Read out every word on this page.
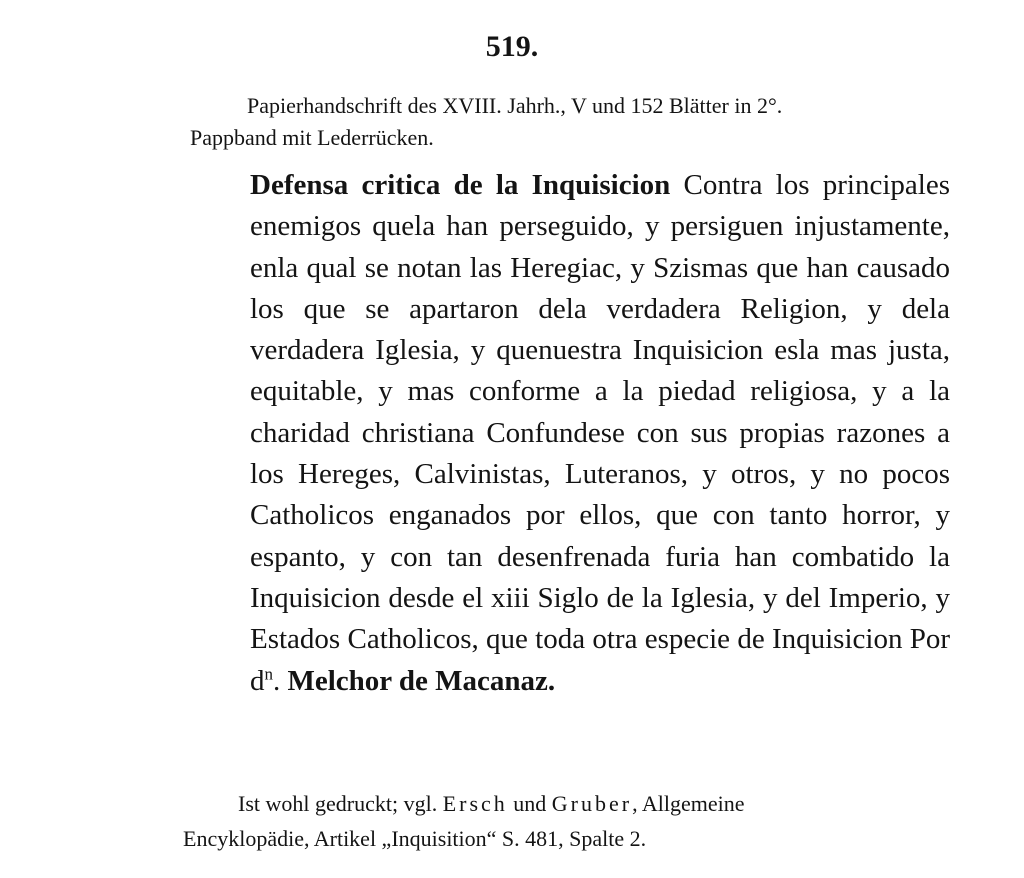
519.
Papierhandschrift des XVIII. Jahrh., V und 152 Blätter in 2°.
Pappband mit Lederrücken.
Defensa critica de la Inquisicion Contra los principales enemigos quela han perseguido, y persiguen injustamente, enla qual se notan las Heregiac, y Szismas que han causado los que se apartaron dela verdadera Religion, y dela verdadera Iglesia, y quenuestra Inquisicion esla mas justa, equitable, y mas conforme a la piedad religiosa, y a la charidad christiana Confundese con sus propias razones a los Hereges, Calvinistas, Luteranos, y otros, y no pocos Catholicos enganados por ellos, que con tanto horror, y espanto, y con tan desenfrenada furia han combatido la Inquisicion desde el xiii Siglo de la Iglesia, y del Imperio, y Estados Catholicos, que toda otra especie de Inquisicion Por $d^n$. Melchor de Macanaz.
Ist wohl gedruckt; vgl. Ersch und Gruber, Allgemeine
Encyklopädie, Artikel „Inquisition“ S. 481, Spalte 2.
